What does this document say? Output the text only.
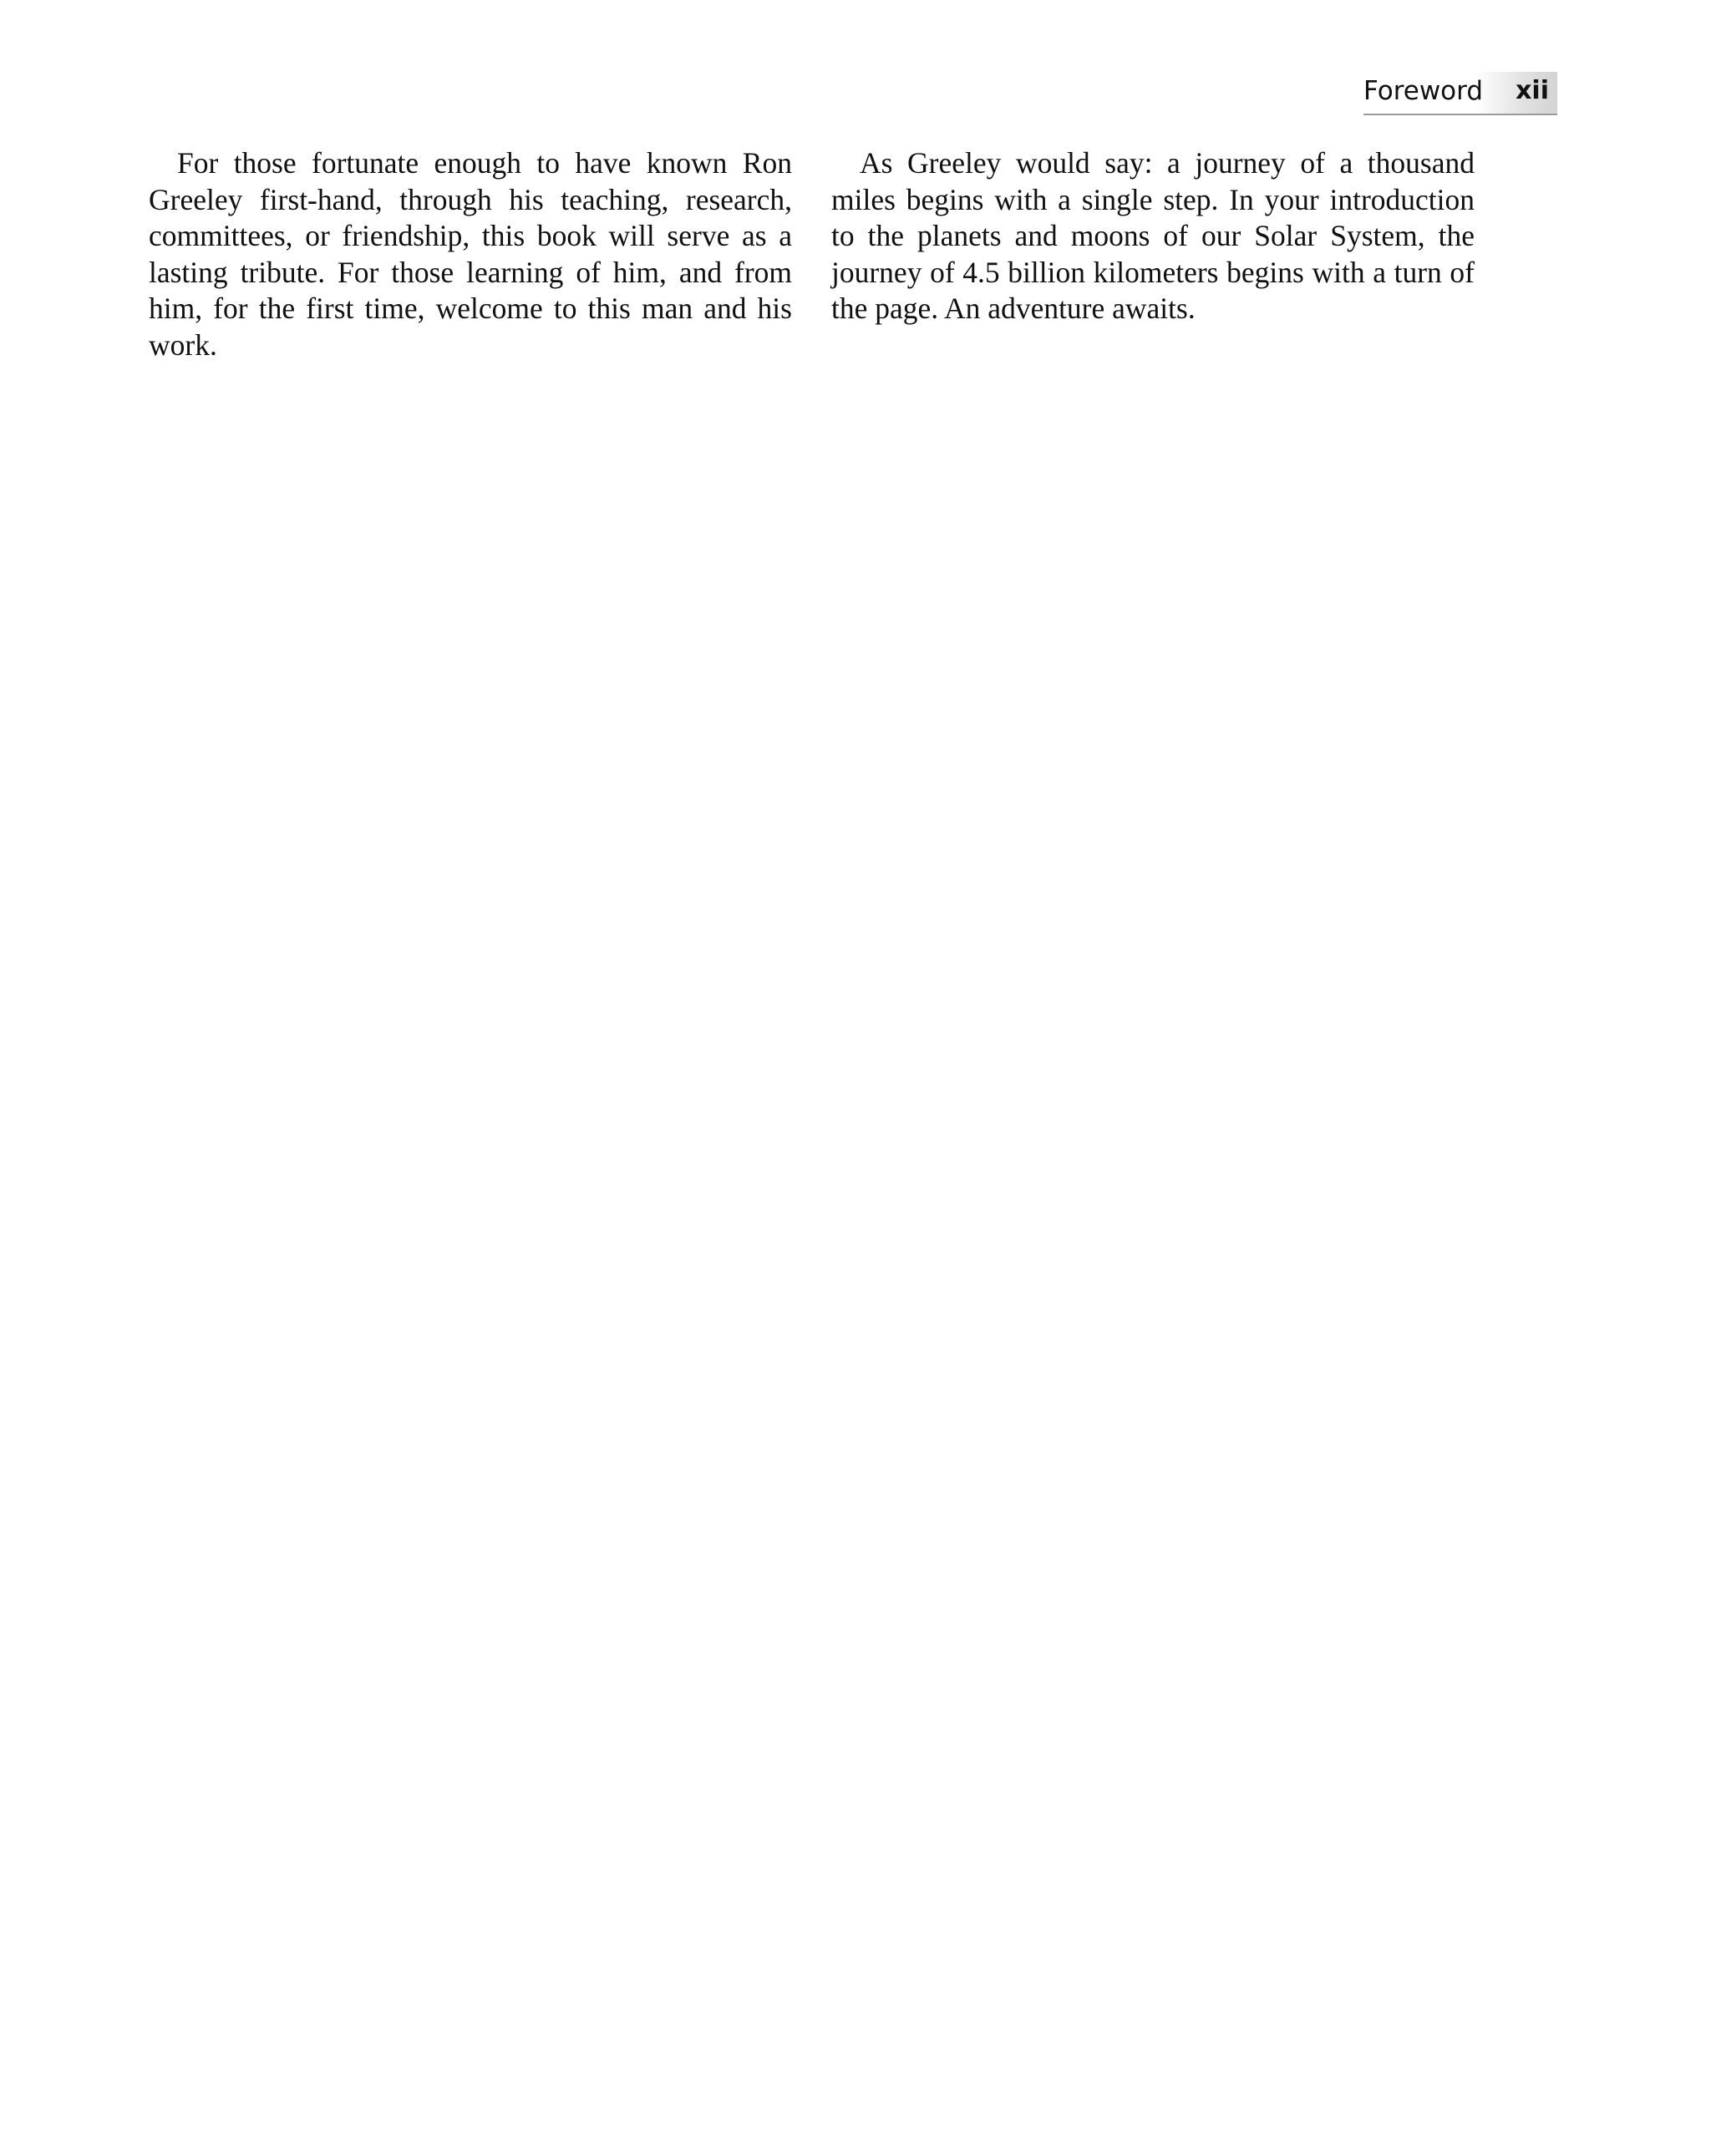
Foreword xii

For those fortunate enough to have known Ron Greeley first-hand, through his teaching, research, committees, or friendship, this book will serve as a lasting tribute. For those learning of him, and from him, for the first time, welcome to this man and his work.

As Greeley would say: a journey of a thousand miles begins with a single step. In your introduction to the planets and moons of our Solar System, the journey of 4.5 billion kilometers begins with a turn of the page. An adventure awaits.
